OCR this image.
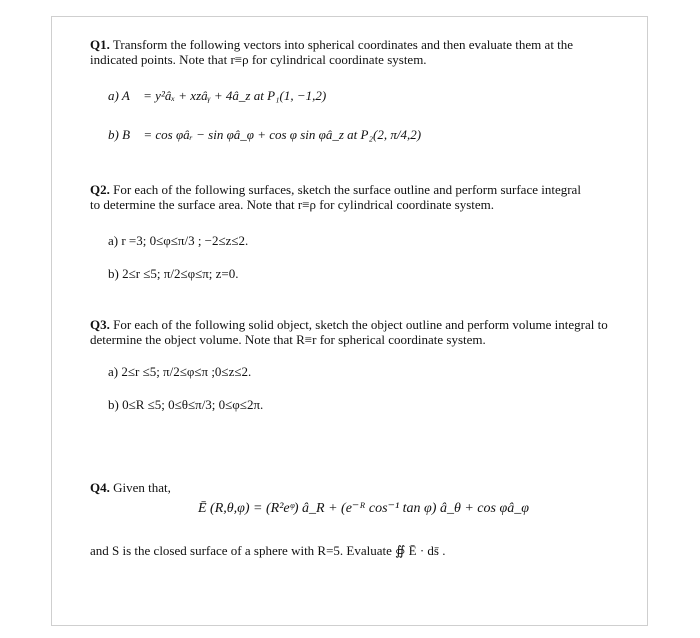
Q1. Transform the following vectors into spherical coordinates and then evaluate them at the indicated points. Note that r≡ρ for cylindrical coordinate system.
a) A⃗ = y²âₓ + xzâᵧ + 4â_z at P₁(1, −1,2)
b) B⃗ = cos φâᵣ − sin φâ_φ + cos φ sin φâ_z at P₂(2, π/4,2)
Q2. For each of the following surfaces, sketch the surface outline and perform surface integral to determine the surface area. Note that r≡ρ for cylindrical coordinate system.
a) r =3; 0≤φ≤π/3 ; −2≤z≤2.
b) 2≤r ≤5; π/2≤φ≤π; z=0.
Q3. For each of the following solid object, sketch the object outline and perform volume integral to determine the object volume. Note that R≡r for spherical coordinate system.
a) 2≤r ≤5; π/2≤φ≤π ;0≤z≤2.
b) 0≤R ≤5; 0≤θ≤π/3; 0≤φ≤2π.
Q4. Given that,
Ē (R,θ,φ) = (R²eᵠ) â_R + (e⁻ᴿ cos⁻¹ tan φ) â_θ + cos φâ_φ
and S is the closed surface of a sphere with R=5. Evaluate ∯ Ē · ds̄ .
